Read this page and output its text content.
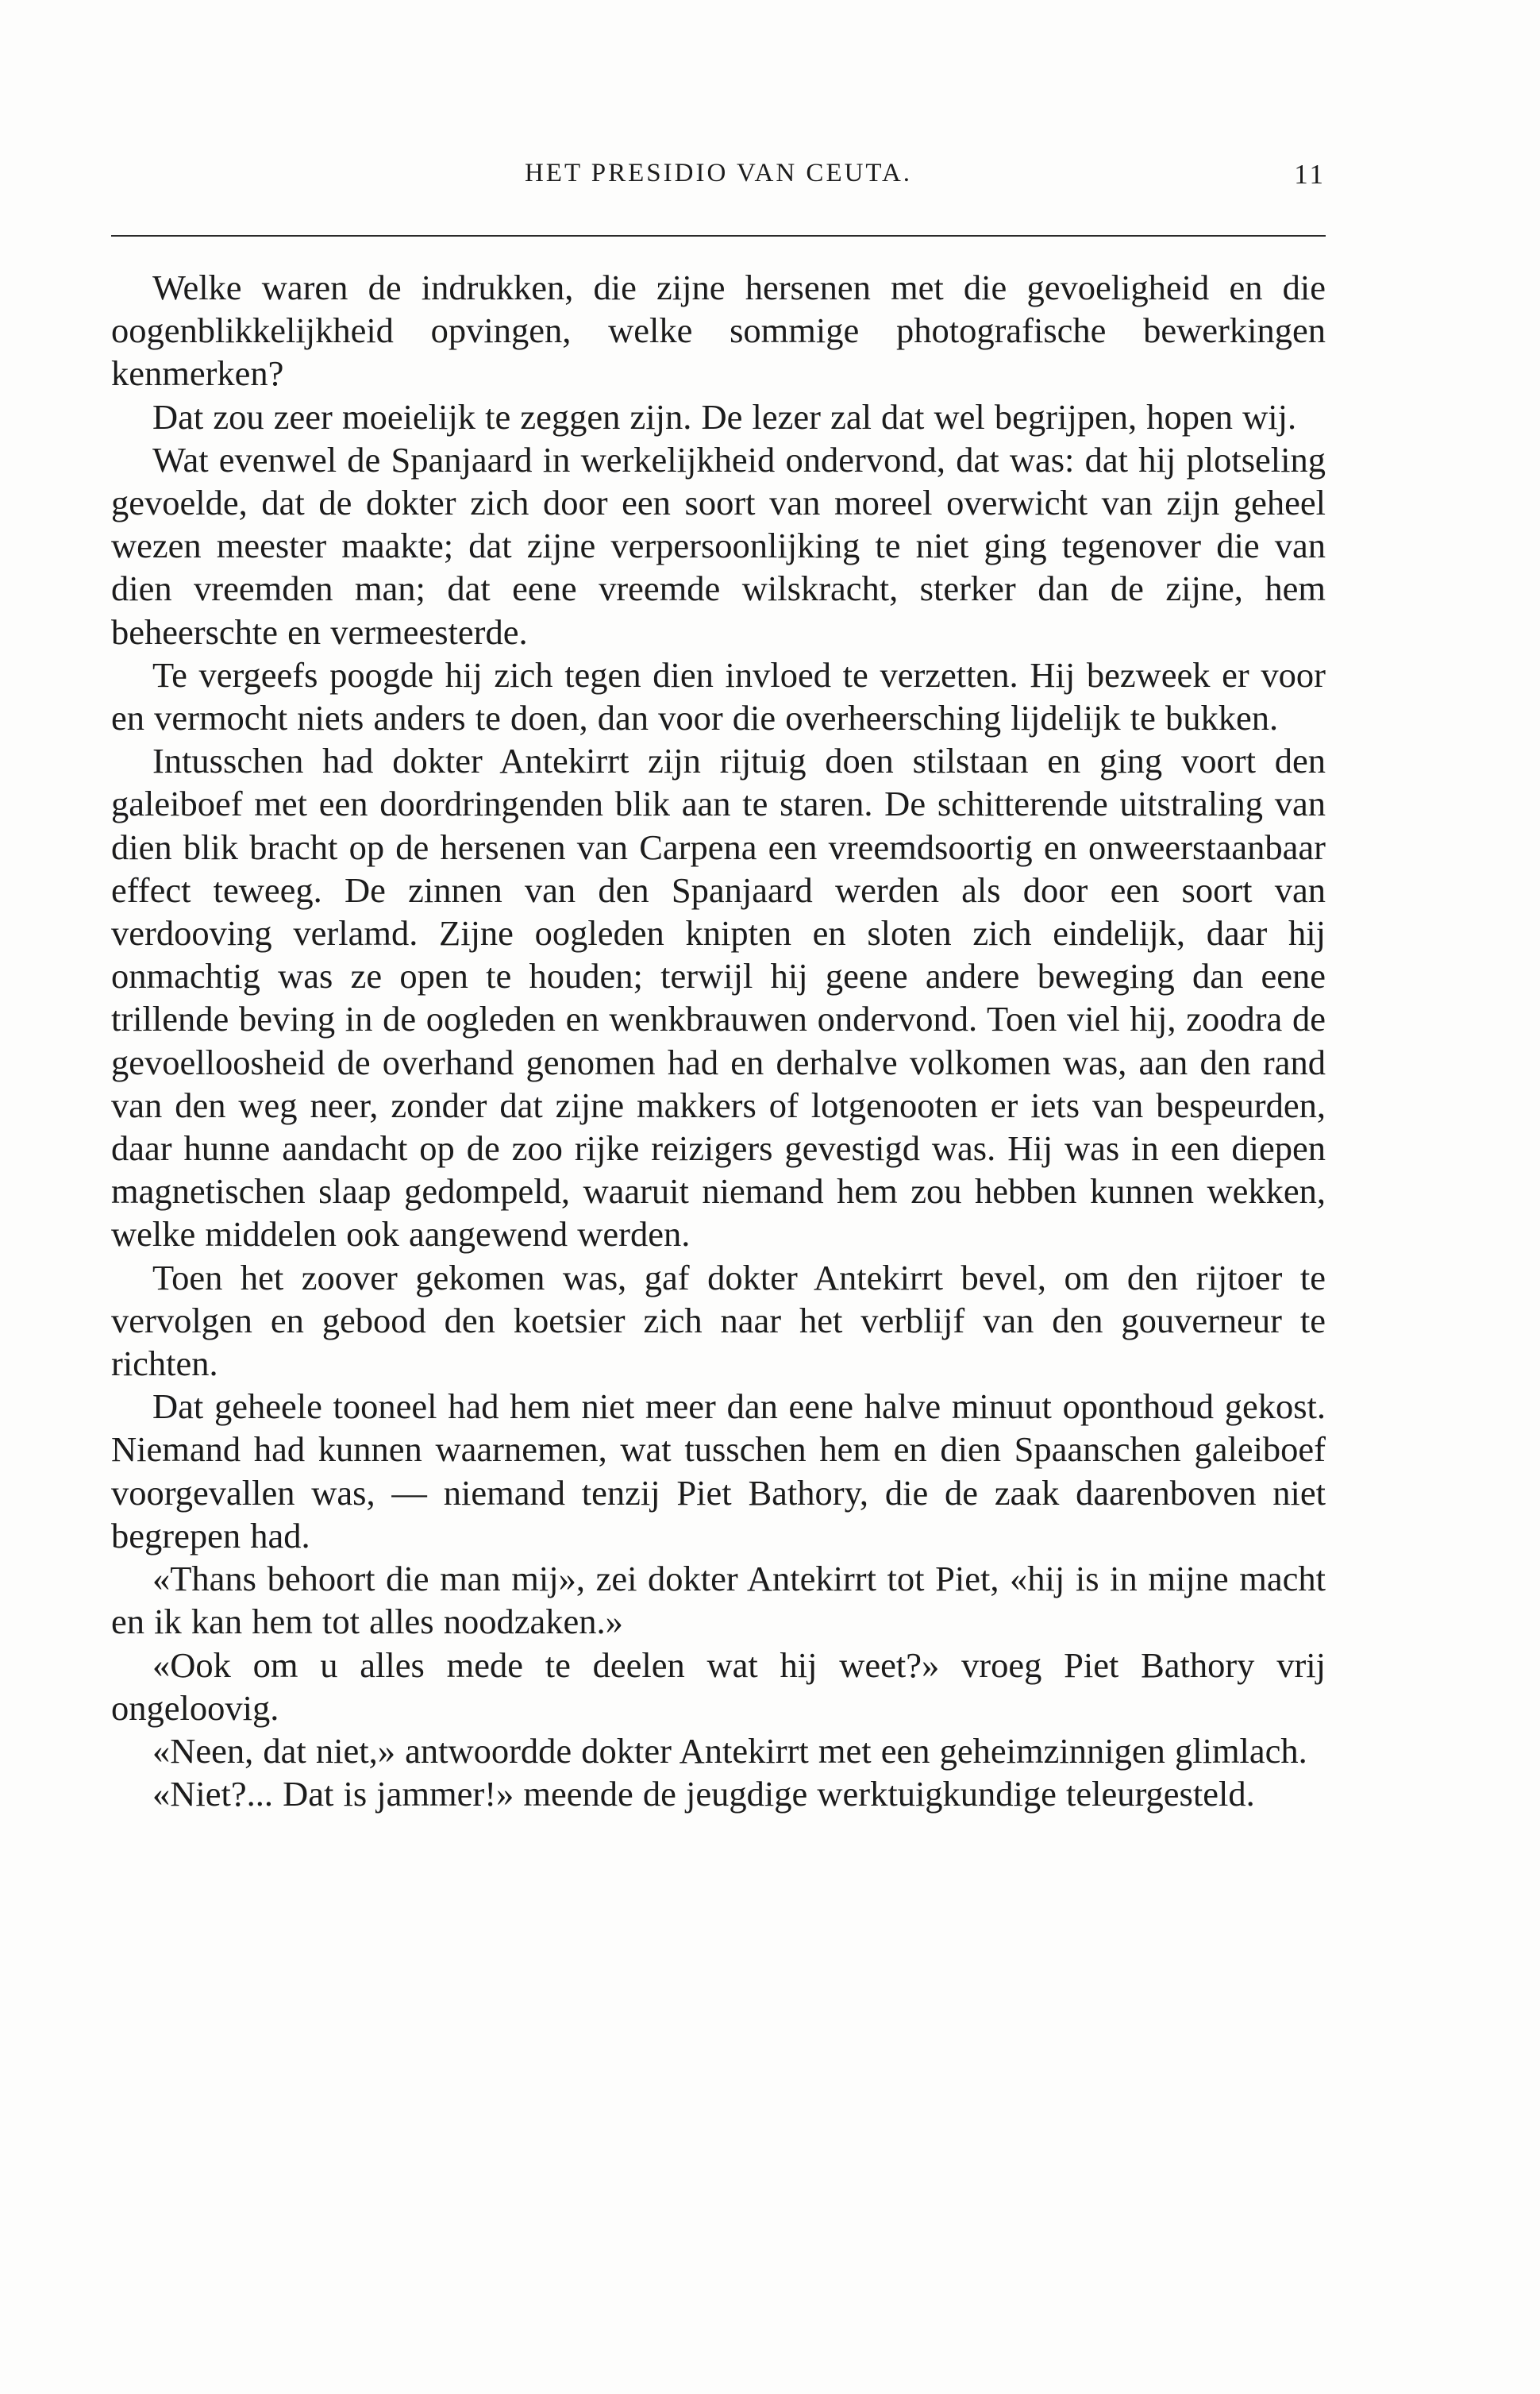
HET PRESIDIO VAN CEUTA.	11

Welke waren de indrukken, die zijne hersenen met die gevoeligheid en die oogenblikkelijkheid opvingen, welke sommige photografische bewerkingen kenmerken?

Dat zou zeer moeielijk te zeggen zijn. De lezer zal dat wel begrijpen, hopen wij.

Wat evenwel de Spanjaard in werkelijkheid ondervond, dat was: dat hij plotseling gevoelde, dat de dokter zich door een soort van moreel overwicht van zijn geheel wezen meester maakte; dat zijne verpersoonlijking te niet ging tegenover die van dien vreemden man; dat eene vreemde wilskracht, sterker dan de zijne, hem beheerschte en vermeesterde.

Te vergeefs poogde hij zich tegen dien invloed te verzetten. Hij bezweek er voor en vermocht niets anders te doen, dan voor die overheersching lijdelijk te bukken.

Intusschen had dokter Antekirrt zijn rijtuig doen stilstaan en ging voort den galeiboef met een doordringenden blik aan te staren. De schitterende uitstraling van dien blik bracht op de hersenen van Carpena een vreemdsoortig en onweerstaanbaar effect teweeg. De zinnen van den Spanjaard werden als door een soort van verdooving verlamd. Zijne oogleden knipten en sloten zich eindelijk, daar hij onmachtig was ze open te houden; terwijl hij geene andere beweging dan eene trillende beving in de oogleden en wenkbrauwen ondervond. Toen viel hij, zoodra de gevoelloosheid de overhand genomen had en derhalve volkomen was, aan den rand van den weg neer, zonder dat zijne makkers of lotgenooten er iets van bespeurden, daar hunne aandacht op de zoo rijke reizigers gevestigd was. Hij was in een diepen magnetischen slaap gedompeld, waaruit niemand hem zou hebben kunnen wekken, welke middelen ook aangewend werden.

Toen het zoover gekomen was, gaf dokter Antekirrt bevel, om den rijtoer te vervolgen en gebood den koetsier zich naar het verblijf van den gouverneur te richten.

Dat geheele tooneel had hem niet meer dan eene halve minuut oponthoud gekost. Niemand had kunnen waarnemen, wat tusschen hem en dien Spaanschen galeiboef voorgevallen was, — niemand tenzij Piet Bathory, die de zaak daarenboven niet begrepen had.

«Thans behoort die man mij», zei dokter Antekirrt tot Piet, «hij is in mijne macht en ik kan hem tot alles noodzaken.»

«Ook om u alles mede te deelen wat hij weet?» vroeg Piet Bathory vrij ongeloovig.

«Neen, dat niet,» antwoordde dokter Antekirrt met een geheimzinnigen glimlach.

«Niet?... Dat is jammer!» meende de jeugdige werktuigkundige teleurgesteld.
